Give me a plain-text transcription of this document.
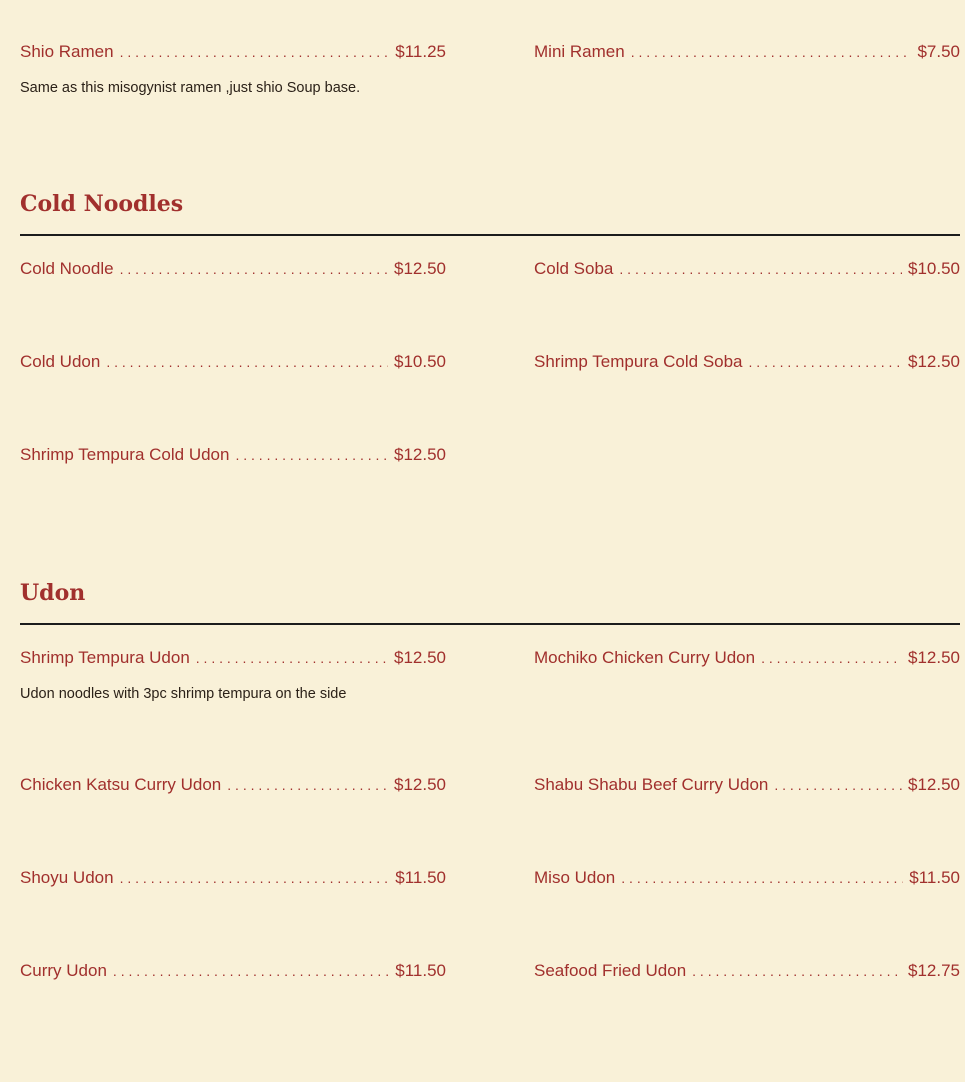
Shio Ramen . . .	$11.25	Mini Ramen . . .	$7.50
Same as this misogynist ramen ,just shio Soup base.
Cold Noodles
Cold Noodle . . .	$12.50	Cold Soba . . .	$10.50
Cold Udon . . .	$10.50	Shrimp Tempura Cold Soba . . .	$12.50
Shrimp Tempura Cold Udon . . .	$12.50
Udon
Shrimp Tempura Udon . . .	$12.50	Mochiko Chicken Curry Udon . . .	$12.50
Udon noodles with 3pc shrimp tempura on the side
Chicken Katsu Curry Udon . . .	$12.50	Shabu Shabu Beef Curry Udon . . .	$12.50
Shoyu Udon . . .	$11.50	Miso Udon . . .	$11.50
Curry Udon . . .	$11.50	Seafood Fried Udon . . .	$12.75
